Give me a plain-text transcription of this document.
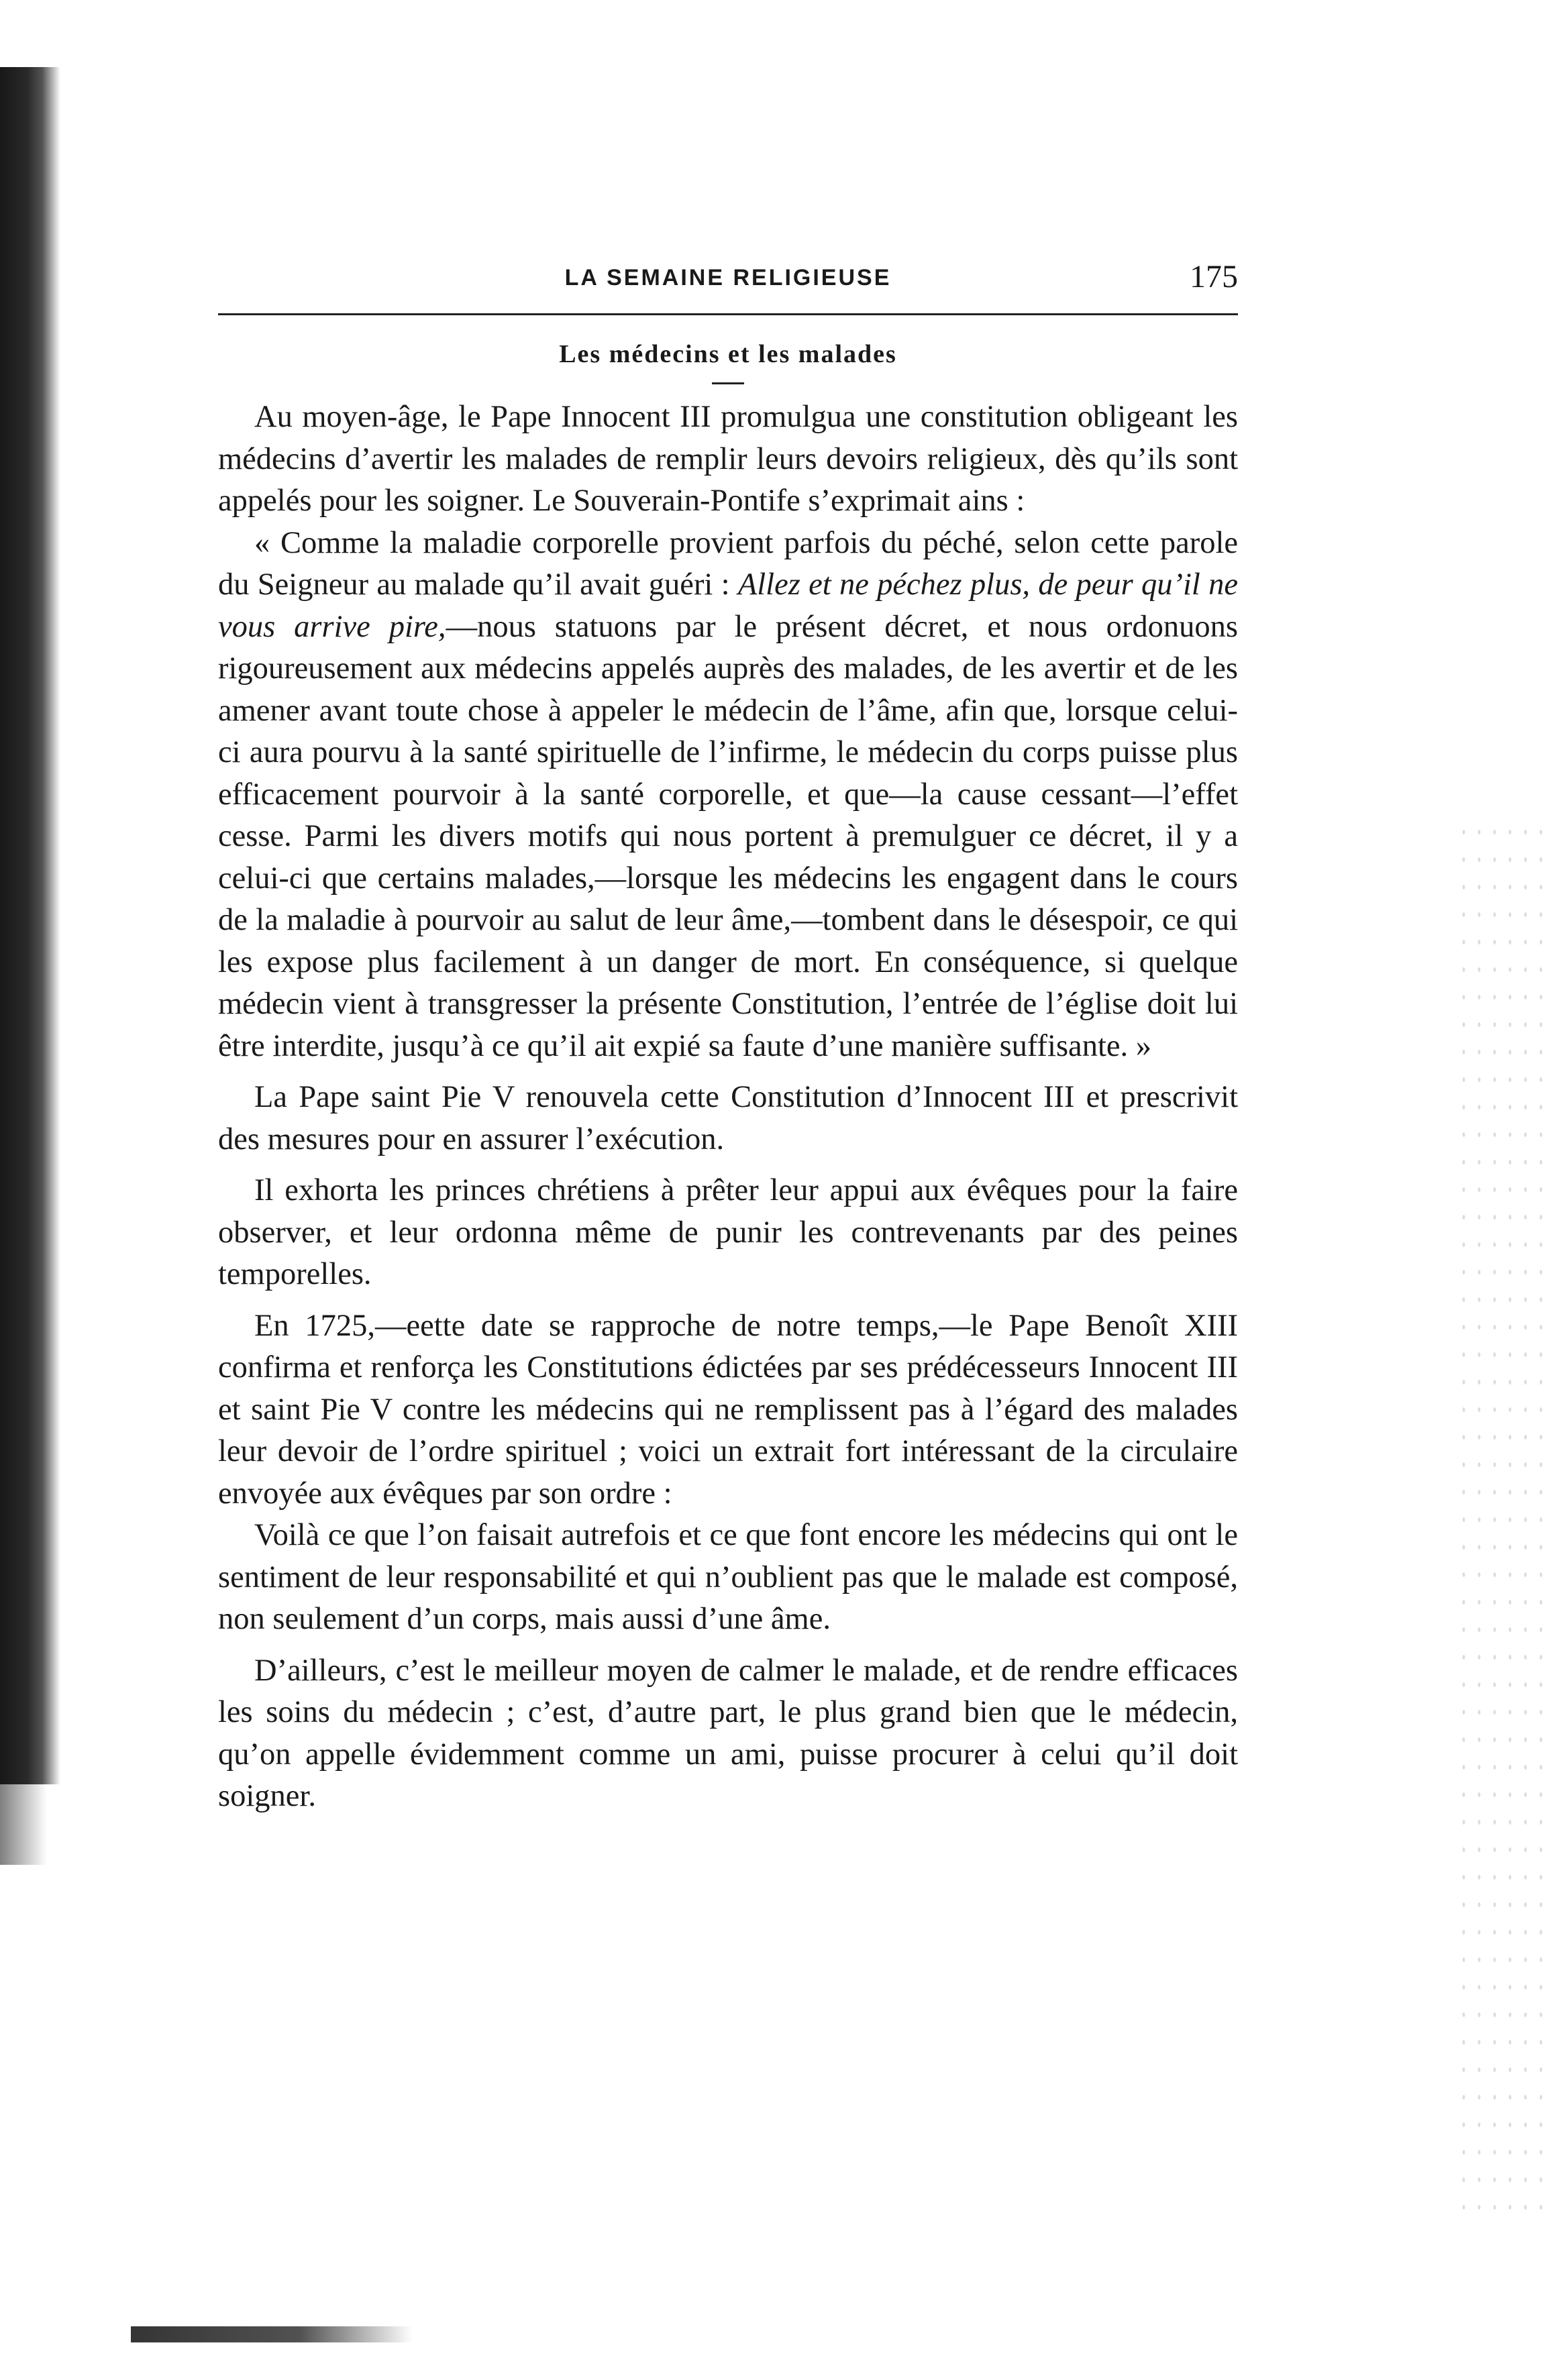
LA SEMAINE RELIGIEUSE	175
Les médecins et les malades

Au moyen-âge, le Pape Innocent III promulgua une constitution obligeant les médecins d’avertir les malades de remplir leurs devoirs religieux, dès qu’ils sont appelés pour les soigner. Le Souverain-Pontife s’exprimait ains :

« Comme la maladie corporelle provient parfois du péché, selon cette parole du Seigneur au malade qu’il avait guéri : Allez et ne péchez plus, de peur qu’il ne vous arrive pire,—nous statuons par le présent décret, et nous ordonuons rigoureusement aux médecins appelés auprès des malades, de les avertir et de les amener avant toute chose à appeler le médecin de l’âme, afin que, lorsque celui-ci aura pourvu à la santé spirituelle de l’infirme, le médecin du corps puisse plus efficacement pourvoir à la santé corporelle, et que—la cause cessant—l’effet cesse. Parmi les divers motifs qui nous portent à premulguer ce décret, il y a celui-ci que certains malades,—lorsque les médecins les engagent dans le cours de la maladie à pourvoir au salut de leur âme,—tombent dans le désespoir, ce qui les expose plus facilement à un danger de mort. En conséquence, si quelque médecin vient à transgresser la présente Constitution, l’entrée de l’église doit lui être interdite, jusqu’à ce qu’il ait expié sa faute d’une manière suffisante. »

La Pape saint Pie V renouvela cette Constitution d’Innocent III et prescrivit des mesures pour en assurer l’exécution.

Il exhorta les princes chrétiens à prêter leur appui aux évêques pour la faire observer, et leur ordonna même de punir les contrevenants par des peines temporelles.

En 1725,—eette date se rapproche de notre temps,—le Pape Benoît XIII confirma et renforça les Constitutions édictées par ses prédécesseurs Innocent III et saint Pie V contre les médecins qui ne remplissent pas à l’égard des malades leur devoir de l’ordre spirituel ; voici un extrait fort intéressant de la circulaire envoyée aux évêques par son ordre :

Voilà ce que l’on faisait autrefois et ce que font encore les médecins qui ont le sentiment de leur responsabilité et qui n’oublient pas que le malade est composé, non seulement d’un corps, mais aussi d’une âme.

D’ailleurs, c’est le meilleur moyen de calmer le malade, et de rendre efficaces les soins du médecin ; c’est, d’autre part, le plus grand bien que le médecin, qu’on appelle évidemment comme un ami, puisse procurer à celui qu’il doit soigner.
